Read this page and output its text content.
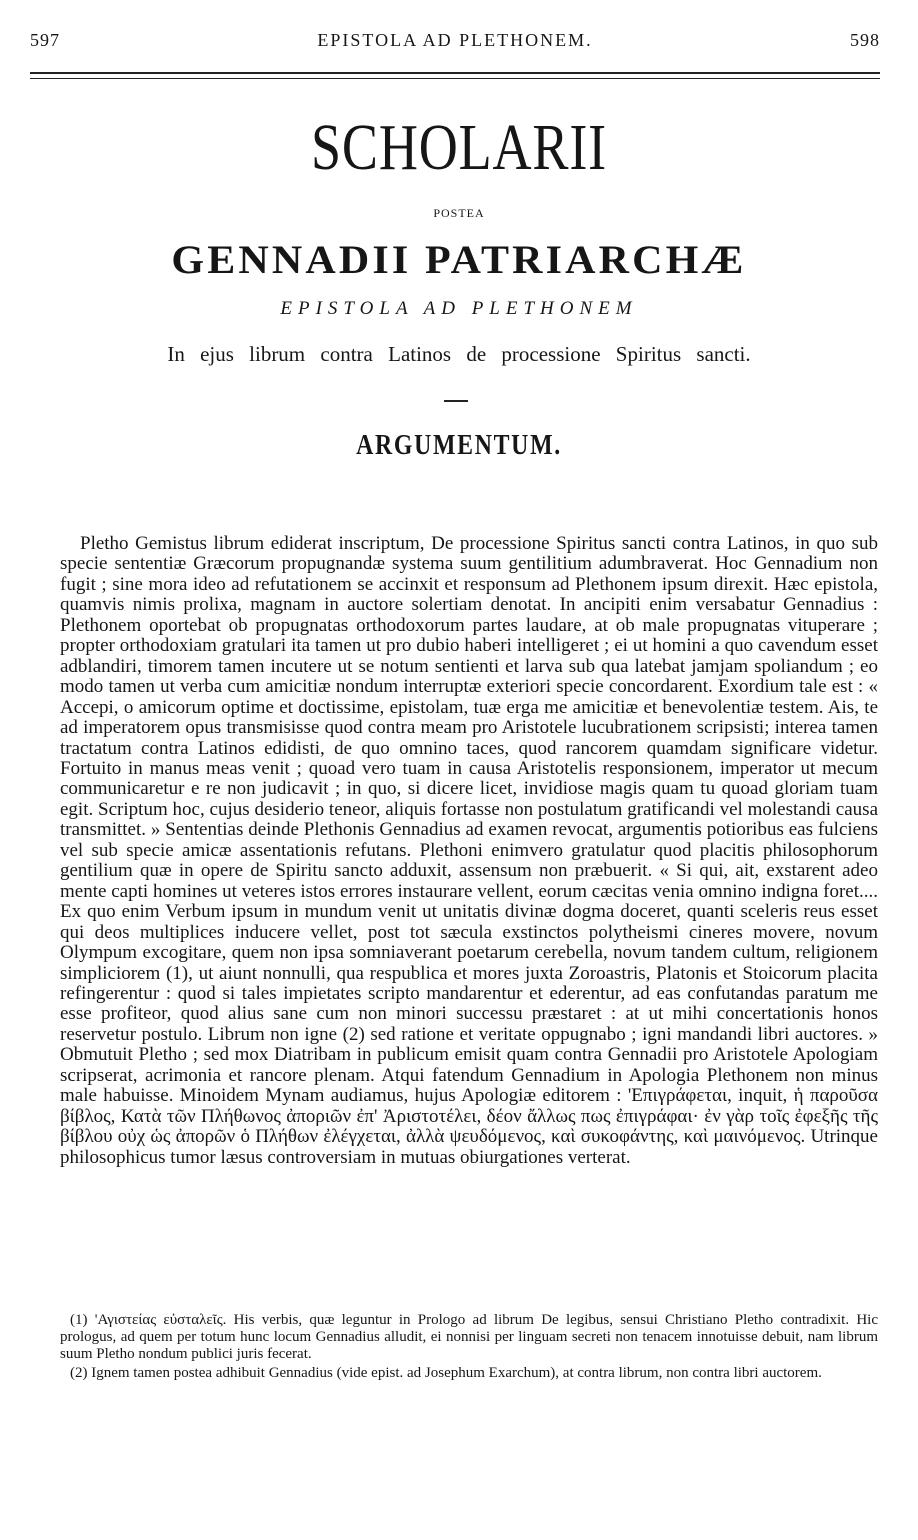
597	EPISTOLA AD PLETHONEM.	598
SCHOLARII
POSTEA
GENNADII PATRIARCHÆ
EPISTOLA AD PLETHONEM
In ejus librum contra Latinos de processione Spiritus sancti.
ARGUMENTUM.

Pletho Gemistus librum ediderat inscriptum, De processione Spiritus sancti contra Latinos, in quo sub specie sententiæ Græcorum propugnandæ systema suum gentilitium adumbraverat. Hoc Gennadium non fugit ; sine mora ideo ad refutationem se accinxit et responsum ad Plethonem ipsum direxit. Hæc epistola, quamvis nimis prolixa, magnam in auctore solertiam denotat. In ancipiti enim versabatur Gennadius : Plethonem oportebat ob propugnatas orthodoxorum partes laudare, at ob male propugnatas vituperare ; propter orthodoxiam gratulari ita tamen ut pro dubio haberi intelligeret ; ei ut homini a quo cavendum esset adblandiri, timorem tamen incutere ut se notum sentienti et larva sub qua latebat jamjam spoliandum ; eo modo tamen ut verba cum amicitiæ nondum interruptæ exteriori specie concordarent. Exordium tale est : « Accepi, o amicorum optime et doctissime, epistolam, tuæ erga me amicitiæ et benevolentiæ testem. Ais, te ad imperatorem opus transmisisse quod contra meam pro Aristotele lucubrationem scripsisti; interea tamen tractatum contra Latinos edidisti, de quo omnino taces, quod rancorem quamdam significare videtur. Fortuito in manus meas venit ; quoad vero tuam in causa Aristotelis responsionem, imperator ut mecum communicaretur e re non judicavit ; in quo, si dicere licet, invidiose magis quam tu quoad gloriam tuam egit. Scriptum hoc, cujus desiderio teneor, aliquis fortasse non postulatum gratificandi vel molestandi causa transmittet. » Sententias deinde Plethonis Gennadius ad examen revocat, argumentis potioribus eas fulciens vel sub specie amicæ assentationis refutans. Plethoni enimvero gratulatur quod placitis philosophorum gentilium quæ in opere de Spiritu sancto adduxit, assensum non præbuerit. « Si qui, ait, exstarent adeo mente capti homines ut veteres istos errores instaurare vellent, eorum cæcitas venia omnino indigna foret.... Ex quo enim Verbum ipsum in mundum venit ut unitatis divinæ dogma doceret, quanti sceleris reus esset qui deos multiplices inducere vellet, post tot sæcula exstinctos polytheismi cineres movere, novum Olympum excogitare, quem non ipsa somniaverant poetarum cerebella, novum tandem cultum, religionem simpliciorem (1), ut aiunt nonnulli, qua respublica et mores juxta Zoroastris, Platonis et Stoicorum placita refingerentur : quod si tales impietates scripto mandarentur et ederentur, ad eas confutandas paratum me esse profiteor, quod alius sane cum non minori successu præstaret : at ut mihi concertationis honos reservetur postulo. Librum non igne (2) sed ratione et veritate oppugnabo ; igni mandandi libri auctores. » Obmutuit Pletho ; sed mox Diatribam in publicum emisit quam contra Gennadii pro Aristotele Apologiam scripserat, acrimonia et rancore plenam. Atqui fatendum Gennadium in Apologia Plethonem non minus male habuisse. Minoidem Mynam audiamus, hujus Apologiæ editorem : 'Επιγράφεται, inquit, ἡ παροῦσα βίβλος, Κατὰ τῶν Πλήθωνος ἀποριῶν ἐπ' Ἀριστοτέλει, δέον ἄλλως πως ἐπιγράφαι· ἐν γὰρ τοῖς ἐφεξῆς τῆς βίβλου οὐχ ὡς ἀπορῶν ὁ Πλήθων ἐλέγχεται, ἀλλὰ ψευδόμενος, καὶ συκοφάντης, καὶ μαινόμενος. Utrinque philosophicus tumor læsus controversiam in mutuas obiurgationes verterat.

(1) 'Αγιστείας εὐσταλεῖς. His verbis, quæ leguntur in Prologo ad librum De legibus, sensui Christiano Pletho contradixit. Hic prologus, ad quem per totum hunc locum Gennadius alludit, ei nonnisi per linguam secreti non tenacem innotuisse debuit, nam librum suum Pletho nondum publici juris fecerat.

(2) Ignem tamen postea adhibuit Gennadius (vide epist. ad Josephum Exarchum), at contra librum, non contra libri auctorem.
